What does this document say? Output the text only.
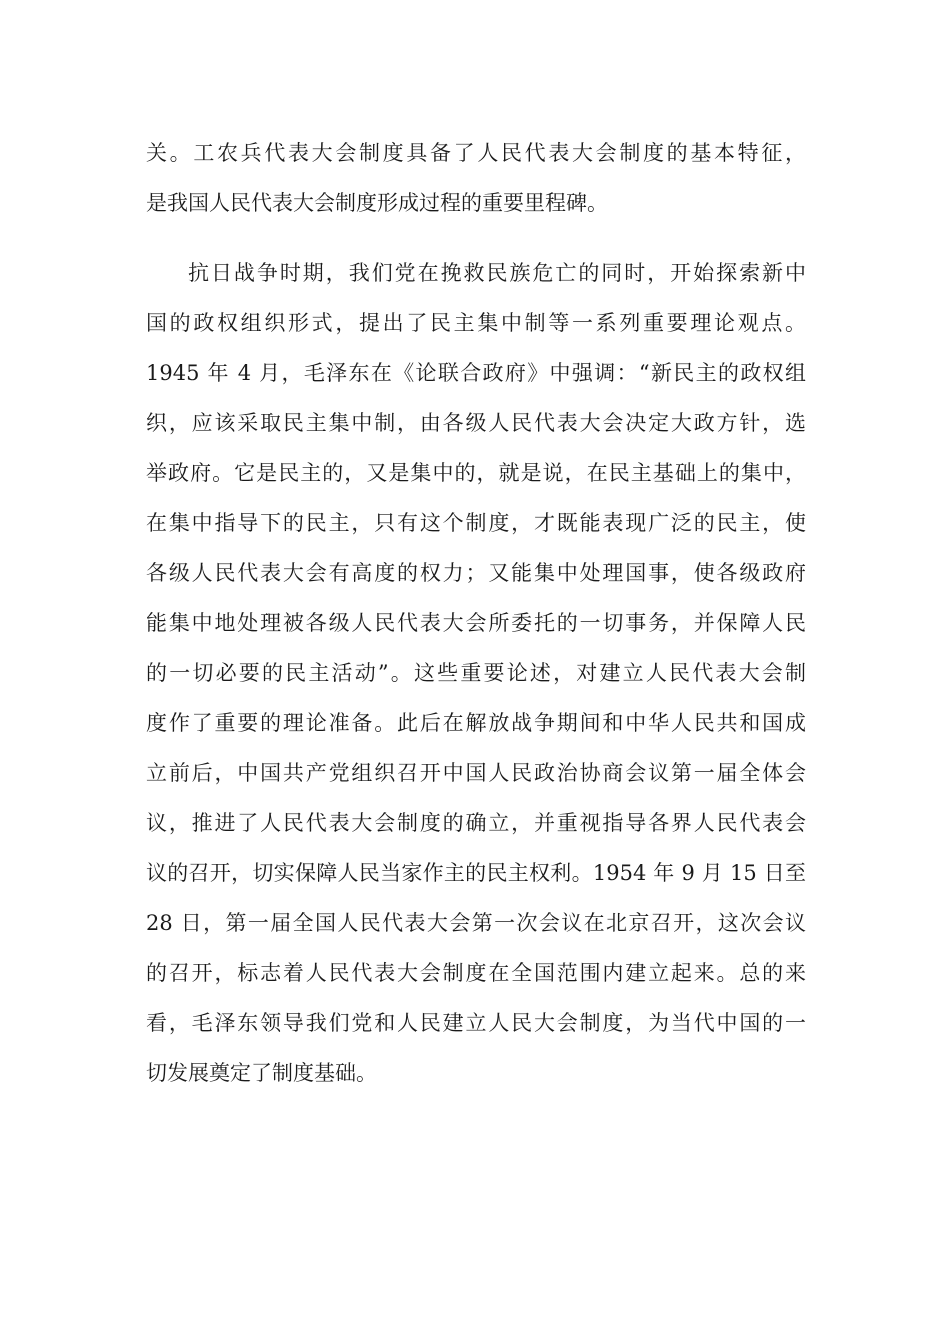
关。工农兵代表大会制度具备了人民代表大会制度的基本特征，
是我国人民代表大会制度形成过程的重要里程碑。
抗日战争时期，我们党在挽救民族危亡的同时，开始探索新中
国的政权组织形式，提出了民主集中制等一系列重要理论观点。
1945 年 4 月，毛泽东在《论联合政府》中强调：“新民主的政权组
织，应该采取民主集中制，由各级人民代表大会决定大政方针，选
举政府。它是民主的，又是集中的，就是说，在民主基础上的集中，
在集中指导下的民主，只有这个制度，才既能表现广泛的民主，使
各级人民代表大会有高度的权力；又能集中处理国事，使各级政府
能集中地处理被各级人民代表大会所委托的一切事务，并保障人民
的一切必要的民主活动”。这些重要论述，对建立人民代表大会制
度作了重要的理论准备。此后在解放战争期间和中华人民共和国成
立前后，中国共产党组织召开中国人民政治协商会议第一届全体会
议，推进了人民代表大会制度的确立，并重视指导各界人民代表会
议的召开，切实保障人民当家作主的民主权利。1954 年 9 月 15 日至
28 日，第一届全国人民代表大会第一次会议在北京召开，这次会议
的召开，标志着人民代表大会制度在全国范围内建立起来。总的来
看，毛泽东领导我们党和人民建立人民大会制度，为当代中国的一
切发展奠定了制度基础。
